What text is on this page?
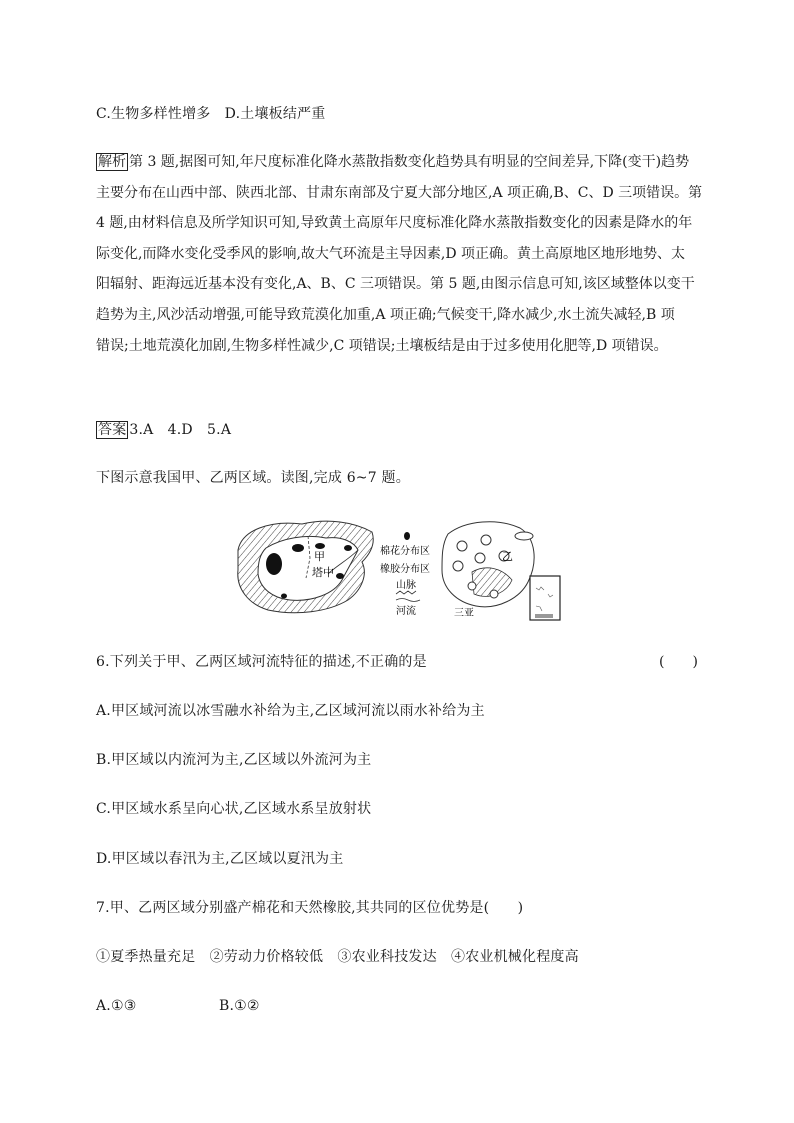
C.生物多样性增多　D.土壤板结严重
解析 第 3 题,据图可知,年尺度标准化降水蒸散指数变化趋势具有明显的空间差异,下降(变干)趋势
主要分布在山西中部、陕西北部、甘肃东南部及宁夏大部分地区,A 项正确,B、C、D 三项错误。第
4 题,由材料信息及所学知识可知,导致黄土高原年尺度标准化降水蒸散指数变化的因素是降水的年
际变化,而降水变化受季风的影响,故大气环流是主导因素,D 项正确。黄土高原地区地形地势、太
阳辐射、距海远近基本没有变化,A、B、C 三项错误。第 5 题,由图示信息可知,该区域整体以变干
趋势为主,风沙活动增强,可能导致荒漠化加重,A 项正确;气候变干,降水减少,水土流失减轻,B 项
错误;土地荒漠化加剧,生物多样性减少,C 项错误;土壤板结是由于过多使用化肥等,D 项错误。
答案 3.A　4.D　5.A
下图示意我国甲、乙两区域。读图,完成 6~7 题。
甲
塔中
棉花分布区
橡胶分布区
山脉
河流
乙
三亚
6.下列关于甲、乙两区域河流特征的描述,不正确的是	(　　)
A.甲区域河流以冰雪融水补给为主,乙区域河流以雨水补给为主
B.甲区域以内流河为主,乙区域以外流河为主
C.甲区域水系呈向心状,乙区域水系呈放射状
D.甲区域以春汛为主,乙区域以夏汛为主
7.甲、乙两区域分别盛产棉花和天然橡胶,其共同的区位优势是(　　)
①夏季热量充足　②劳动力价格较低　③农业科技发达　④农业机械化程度高
A.①③	B.①②
